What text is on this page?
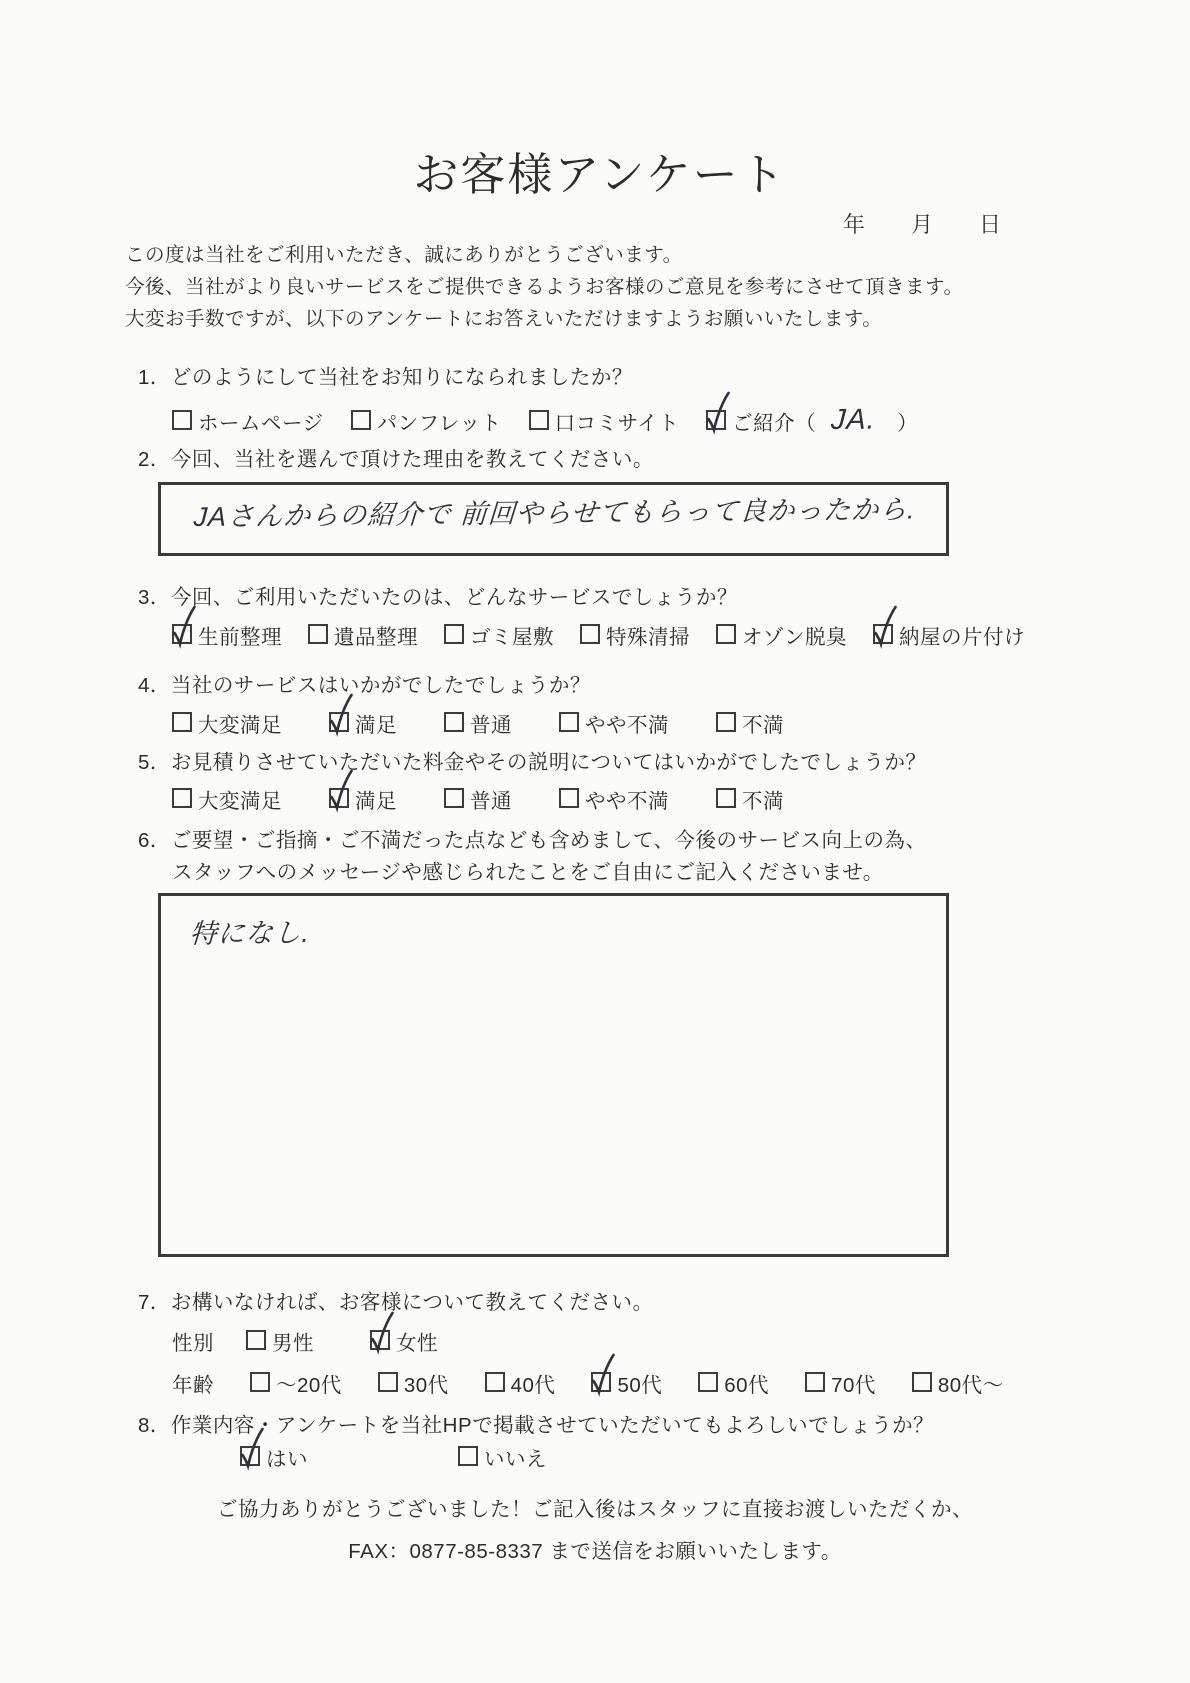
お客様アンケート
年 月 日
この度は当社をご利用いただき、誠にありがとうございます。
今後、当社がより良いサービスをご提供できるようお客様のご意見を参考にさせて頂きます。
大変お手数ですが、以下のアンケートにお答えいただけますようお願いいたします。
1．どのようにして当社をお知りになられましたか？
ホームページ	パンフレット	口コミサイト	ご紹介（ JA. ）
2．今回、当社を選んで頂けた理由を教えてください。
JAさんからの紹介で 前回やらせてもらって良かったから.
3．今回、ご利用いただいたのは、どんなサービスでしょうか？
生前整理	遺品整理	ゴミ屋敷	特殊清掃	オゾン脱臭	納屋の片付け
4．当社のサービスはいかがでしたでしょうか？
大変満足	満足	普通	やや不満	不満
5．お見積りさせていただいた料金やその説明についてはいかがでしたでしょうか？
大変満足	満足	普通	やや不満	不満
6．ご要望・ご指摘・ご不満だった点なども含めまして、今後のサービス向上の為、
スタッフへのメッセージや感じられたことをご自由にご記入くださいませ。
特になし.
7．お構いなければ、お客様について教えてください。
性別	男性	女性
年齢	～20代	30代	40代	50代	60代	70代	80代～
8．作業内容・アンケートを当社HPで掲載させていただいてもよろしいでしょうか？
はい	いいえ
ご協力ありがとうございました！ご記入後はスタッフに直接お渡しいただくか、
FAX：0877-85-8337 まで送信をお願いいたします。
